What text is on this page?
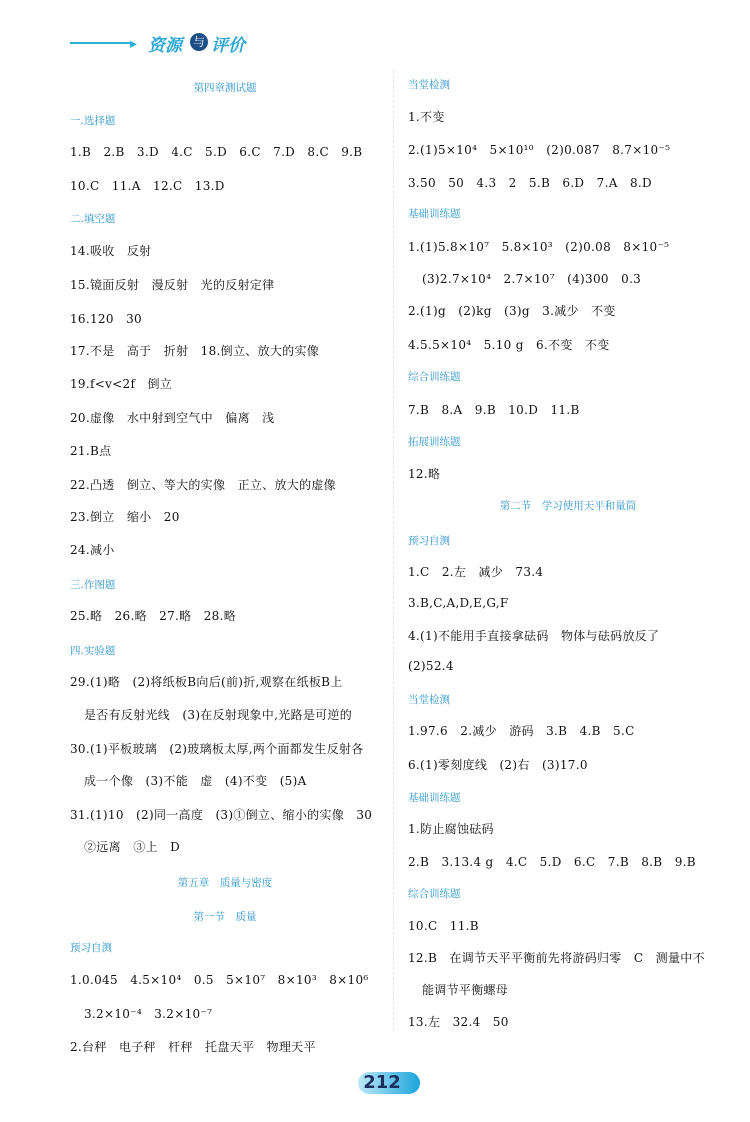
▸ 资源 与 评价
第四章测试题
一.选择题
1.B　2.B　3.D　4.C　5.D　6.C　7.D　8.C　9.B
10.C　11.A　12.C　13.D
二.填空题
14.吸收　反射
15.镜面反射　漫反射　光的反射定律
16.120　30
17.不是　高于　折射　18.倒立、放大的实像
19.f<v<2f　倒立
20.虚像　水中射到空气中　偏离　浅
21.B点
22.凸透　倒立、等大的实像　正立、放大的虚像
23.倒立　缩小　20
24.减小
三.作图题
25.略　26.略　27.略　28.略
四.实验题
29.(1)略　(2)将纸板B向后(前)折,观察在纸板B上
是否有反射光线　(3)在反射现象中,光路是可逆的
30.(1)平板玻璃　(2)玻璃板太厚,两个面都发生反射各
成一个像　(3)不能　虚　(4)不变　(5)A
31.(1)10　(2)同一高度　(3)①倒立、缩小的实像　30
②远离　③上　D
第五章　质量与密度
第一节　质量
预习自测
1.0.045　4.5×10⁴　0.5　5×10⁷　8×10³　8×10⁶
3.2×10⁻⁴　3.2×10⁻⁷
2.台秤　电子秤　杆秤　托盘天平　物理天平
当堂检测
1.不变
2.(1)5×10⁴　5×10¹⁰　(2)0.087　8.7×10⁻⁵
3.50　50　4.3　2　5.B　6.D　7.A　8.D
基础训练题
1.(1)5.8×10⁷　5.8×10³　(2)0.08　8×10⁻⁵
(3)2.7×10⁴　2.7×10⁷　(4)300　0.3
2.(1)g　(2)kg　(3)g　3.减少　不变
4.5.5×10⁴　5.10 g　6.不变　不变
综合训练题
7.B　8.A　9.B　10.D　11.B
拓展训练题
12.略
第二节　学习使用天平和量筒
预习自测
1.C　2.左　减少　73.4
3.B,C,A,D,E,G,F
4.(1)不能用手直接拿砝码　物体与砝码放反了
(2)52.4
当堂检测
1.97.6　2.减少　游码　3.B　4.B　5.C
6.(1)零刻度线　(2)右　(3)17.0
基础训练题
1.防止腐蚀砝码
2.B　3.13.4 g　4.C　5.D　6.C　7.B　8.B　9.B
综合训练题
10.C　11.B
12.B　在调节天平平衡前先将游码归零　C　测量中不
能调节平衡螺母
13.左　32.4　50
212
